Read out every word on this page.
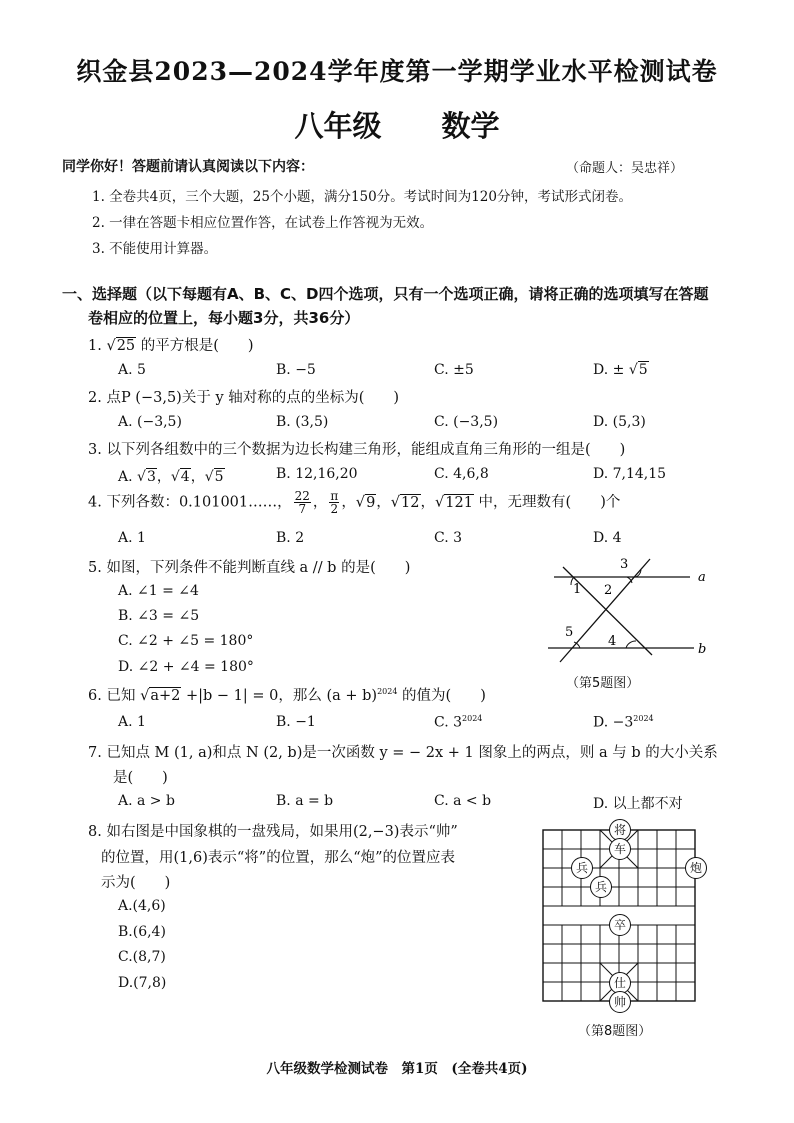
织金县2023—2024学年度第一学期学业水平检测试卷
八年级 数学
同学你好！答题前请认真阅读以下内容：	（命题人：吴忠祥）
1. 全卷共4页，三个大题，25个小题，满分150分。考试时间为120分钟，考试形式闭卷。
2. 一律在答题卡相应位置作答，在试卷上作答视为无效。
3. 不能使用计算器。
一、选择题（以下每题有A、B、C、D四个选项，只有一个选项正确，请将正确的选项填写在答题
卷相应的位置上，每小题3分，共36分）
1. √25 的平方根是(　　)
A. 5	B. −5	C. ±5	D. ± √5
2. 点P (−3,5)关于 y 轴对称的点的坐标为(　　)
A. (−3,5)	B. (3,5)	C. (−3,5)	D. (5,3)
3. 以下列各组数中的三个数据为边长构建三角形，能组成直角三角形的一组是(　　)
A. √3，√4，√5	B. 12,16,20	C. 4,6,8	D. 7,14,15
4. 下列各数：0.101001……， $\frac{22}{7}$ ， $\frac{\pi}{2}$ ，√9，√12，√121 中，无理数有(　　)个
A. 1	B. 2	C. 3	D. 4
5. 如图，下列条件不能判断直线 a // b 的是(　　)
A. ∠1 = ∠4
B. ∠3 = ∠5
C. ∠2 + ∠5 = 180°
D. ∠2 + ∠4 = 180°
1 2
3
4
5
a
b
（第5题图）
6. 已知 √a+2 +|b − 1| = 0，那么 $(a + b)^{2024}$ 的值为(　　)
A. 1	B. −1	C. $3^{2024}$	D. $-3^{2024}$
7. 已知点 M (1, a)和点 N (2, b)是一次函数 y = − 2x + 1 图象上的两点，则 a 与 b 的大小关系
是(　　)
A. a > b	B. a = b	C. a < b	D. 以上都不对
8. 如右图是中国象棋的一盘残局，如果用(2,−3)表示“帅”
的位置，用(1,6)表示“将”的位置，那么“炮”的位置应表
示为(　　)
A.(4,6)
B.(6,4)
C.(8,7)
D.(7,8)
将
车
兵
兵
炮
卒
仕
帅
（第8题图）
八年级数学检测试卷　第1页　(全卷共4页)
